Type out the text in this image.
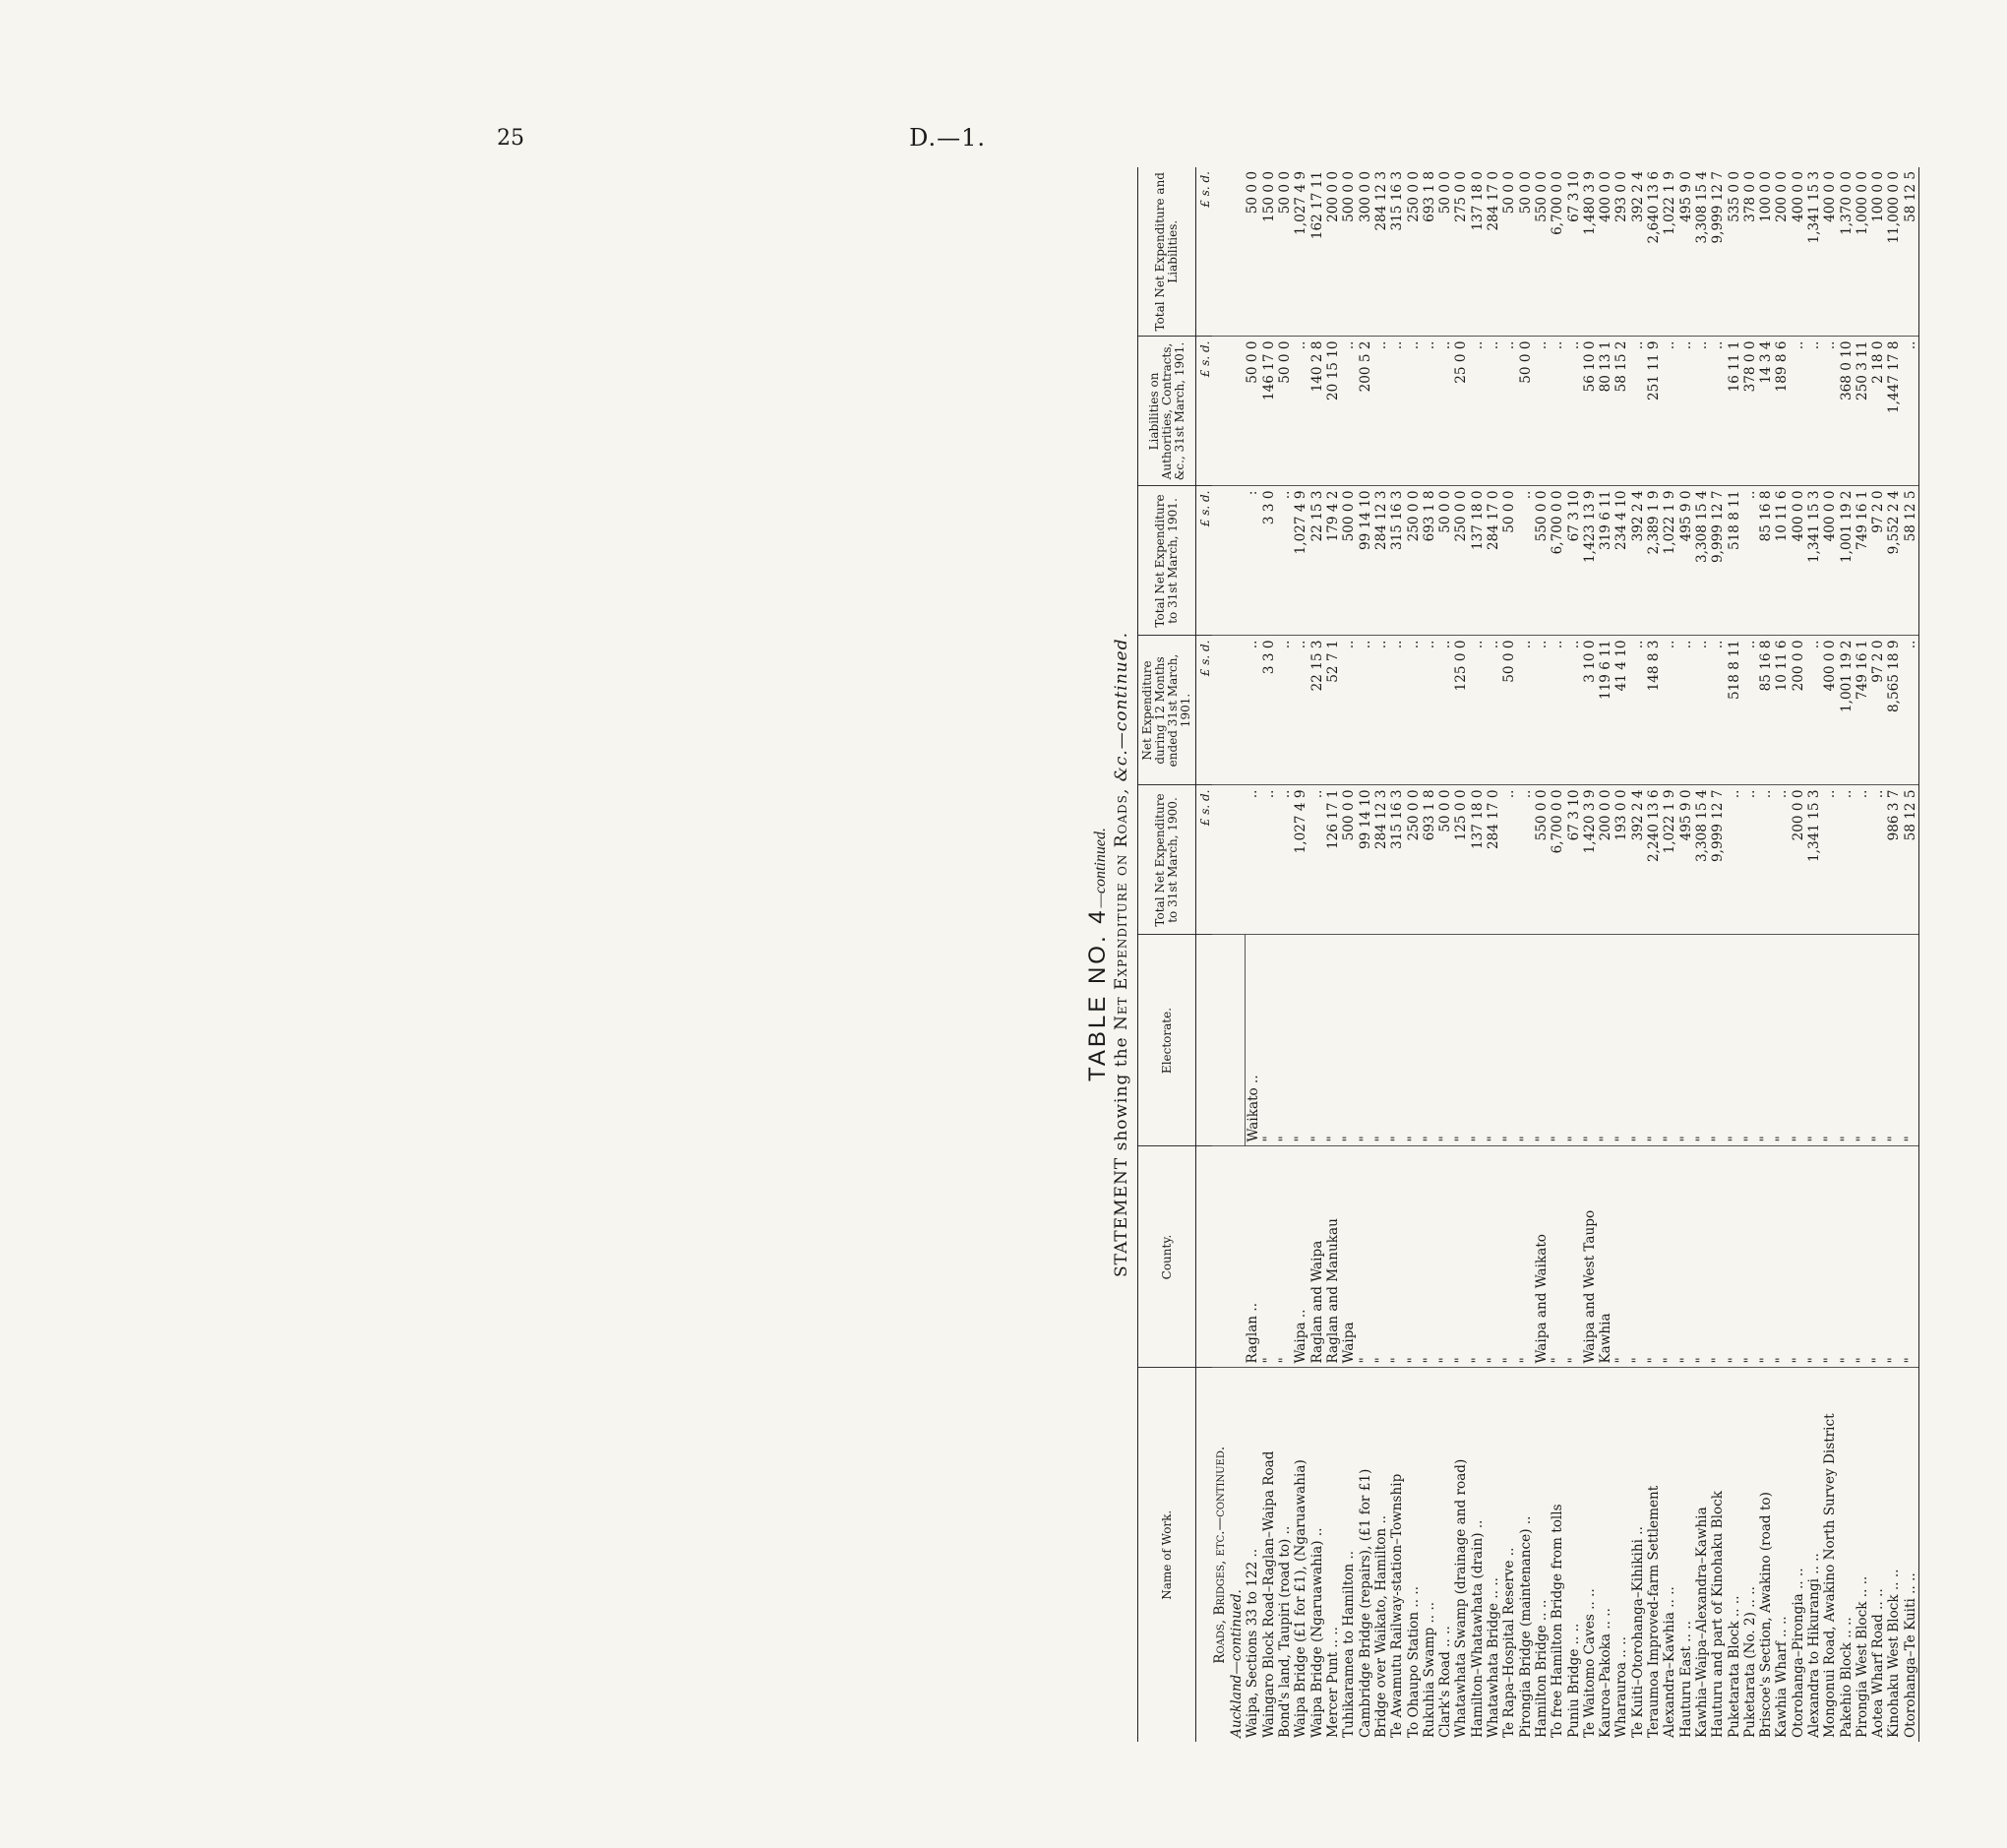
25	D.—1.
TABLE NO. 4—continued.
STATEMENT showing the Net Expenditure on Roads, &c.—continued.
Name of Work.	County.	Electorate.	Total Net Expenditure to 31st March, 1900.	Net Expenditure during 12 Months ended 31st March, 1901.	Total Net Expenditure to 31st March, 1901.	Liabilities on Authorities, Contracts, &c., 31st March, 1901.	Total Net Expenditure and Liabilities.
			£ s. d.	£ s. d.	£ s. d.	£ s. d.	£ s. d.
Roads, Bridges, etc.—continued.							
Auckland—continued.							
Waipa, Sections 33 to 122 ..	Raglan ..	Waikato ..	..	..	:	50 0 0	50 0 0
Waingaro Block Road–Raglan–Waipa Road	"	"	..	3 3 0	3 3 0	146 17 0	150 0 0
Bond's land, Taupiri (road to) ..	"	"	..	..	..	50 0 0	50 0 0
Waipa Bridge (£1 for £1), (Ngaruawahia)	Waipa ..	"	1,027 4 9	..	1,027 4 9	..	1,027 4 9
Waipa Bridge (Ngaruawahia) ..	Raglan and Waipa	"	..	22 15 3	22 15 3	140 2 8	162 17 11
Mercer Punt .. ..	Raglan and Manukau	"	126 17 1	52 7 1	179 4 2	20 15 10	200 0 0
Tuhikaramea to Hamilton ..	Waipa	"	500 0 0	..	500 0 0	..	500 0 0
Cambridge Bridge (repairs), (£1 for £1)	"	"	99 14 10	..	99 14 10	200 5 2	300 0 0
Bridge over Waikato, Hamilton ..	"	"	284 12 3	..	284 12 3	..	284 12 3
Te Awamutu Railway-station–Township	"	"	315 16 3	..	315 16 3	..	315 16 3
To Ohaupo Station .. ..	"	"	250 0 0	..	250 0 0	..	250 0 0
Rukuhia Swamp .. ..	"	"	693 1 8	..	693 1 8	..	693 1 8
Clark's Road .. ..	"	"	50 0 0	..	50 0 0	..	50 0 0
Whatawhata Swamp (drainage and road)	"	"	125 0 0	125 0 0	250 0 0	25 0 0	275 0 0
Hamilton–Whatawhata (drain) ..	"	"	137 18 0	..	137 18 0	..	137 18 0
Whatawhata Bridge .. ..	"	"	284 17 0	..	284 17 0	..	284 17 0
Te Rapa–Hospital Reserve ..	"	"	..	50 0 0	50 0 0	..	50 0 0
Pirongia Bridge (maintenance) ..	"	"	..	..	..	50 0 0	50 0 0
Hamilton Bridge .. ..	Waipa and Waikato	"	550 0 0	..	550 0 0	..	550 0 0
To free Hamilton Bridge from tolls	"	"	6,700 0 0	..	6,700 0 0	..	6,700 0 0
Puniu Bridge .. ..	"	"	67 3 10	..	67 3 10	..	67 3 10
Te Waitomo Caves .. ..	Waipa and West Taupo	"	1,420 3 9	3 10 0	1,423 13 9	56 10 0	1,480 3 9
Kauroa–Pakoka .. ..	Kawhia	"	200 0 0	119 6 11	319 6 11	80 13 1	400 0 0
Wharauroa .. ..	"	"	193 0 0	41 4 10	234 4 10	58 15 2	293 0 0
Te Kuiti–Otorohanga–Kihikihi ..	"	"	392 2 4	..	392 2 4	..	392 2 4
Teraumoa Improved-farm Settlement	"	"	2,240 13 6	148 8 3	2,389 1 9	251 11 9	2,640 13 6
Alexandra–Kawhia .. ..	"	"	1,022 1 9	..	1,022 1 9	..	1,022 1 9
Hauturu East .. ..	"	"	495 9 0	..	495 9 0	..	495 9 0
Kawhia–Waipa–Alexandra–Kawhia	"	"	3,308 15 4	..	3,308 15 4	..	3,308 15 4
Hauturu and part of Kinohaku Block	"	"	9,999 12 7	..	9,999 12 7	..	9,999 12 7
Puketarata Block .. ..	"	"	..	518 8 11	518 8 11	16 11 1	535 0 0
Puketarata (No. 2) .. ..	"	"	..	..	..	378 0 0	378 0 0
Briscoe's Section, Awakino (road to)	"	"	..	85 16 8	85 16 8	14 3 4	100 0 0
Kawhia Wharf .. ..	"	"	..	10 11 6	10 11 6	189 8 6	200 0 0
Otorohanga–Pirongia .. ..	"	"	200 0 0	200 0 0	400 0 0	..	400 0 0
Alexandra to Hikurangi .. ..	"	"	1,341 15 3	..	1,341 15 3	..	1,341 15 3
Mongonui Road, Awakino North Survey District	"	"	..	400 0 0	400 0 0	..	400 0 0
Pakehio Block .. ..	"	"	..	1,001 19 2	1,001 19 2	368 0 10	1,370 0 0
Pirongia West Block .. ..	"	"	..	749 16 1	749 16 1	250 3 11	1,000 0 0
Aotea Wharf Road .. ..	"	"	..	97 2 0	97 2 0	2 18 0	100 0 0
Kinohaku West Block .. ..	"	"	986 3 7	8,565 18 9	9,552 2 4	1,447 17 8	11,000 0 0
Otorohanga–Te Kuiti .. ..	"	"	58 12 5	..	58 12 5	..	58 12 5
